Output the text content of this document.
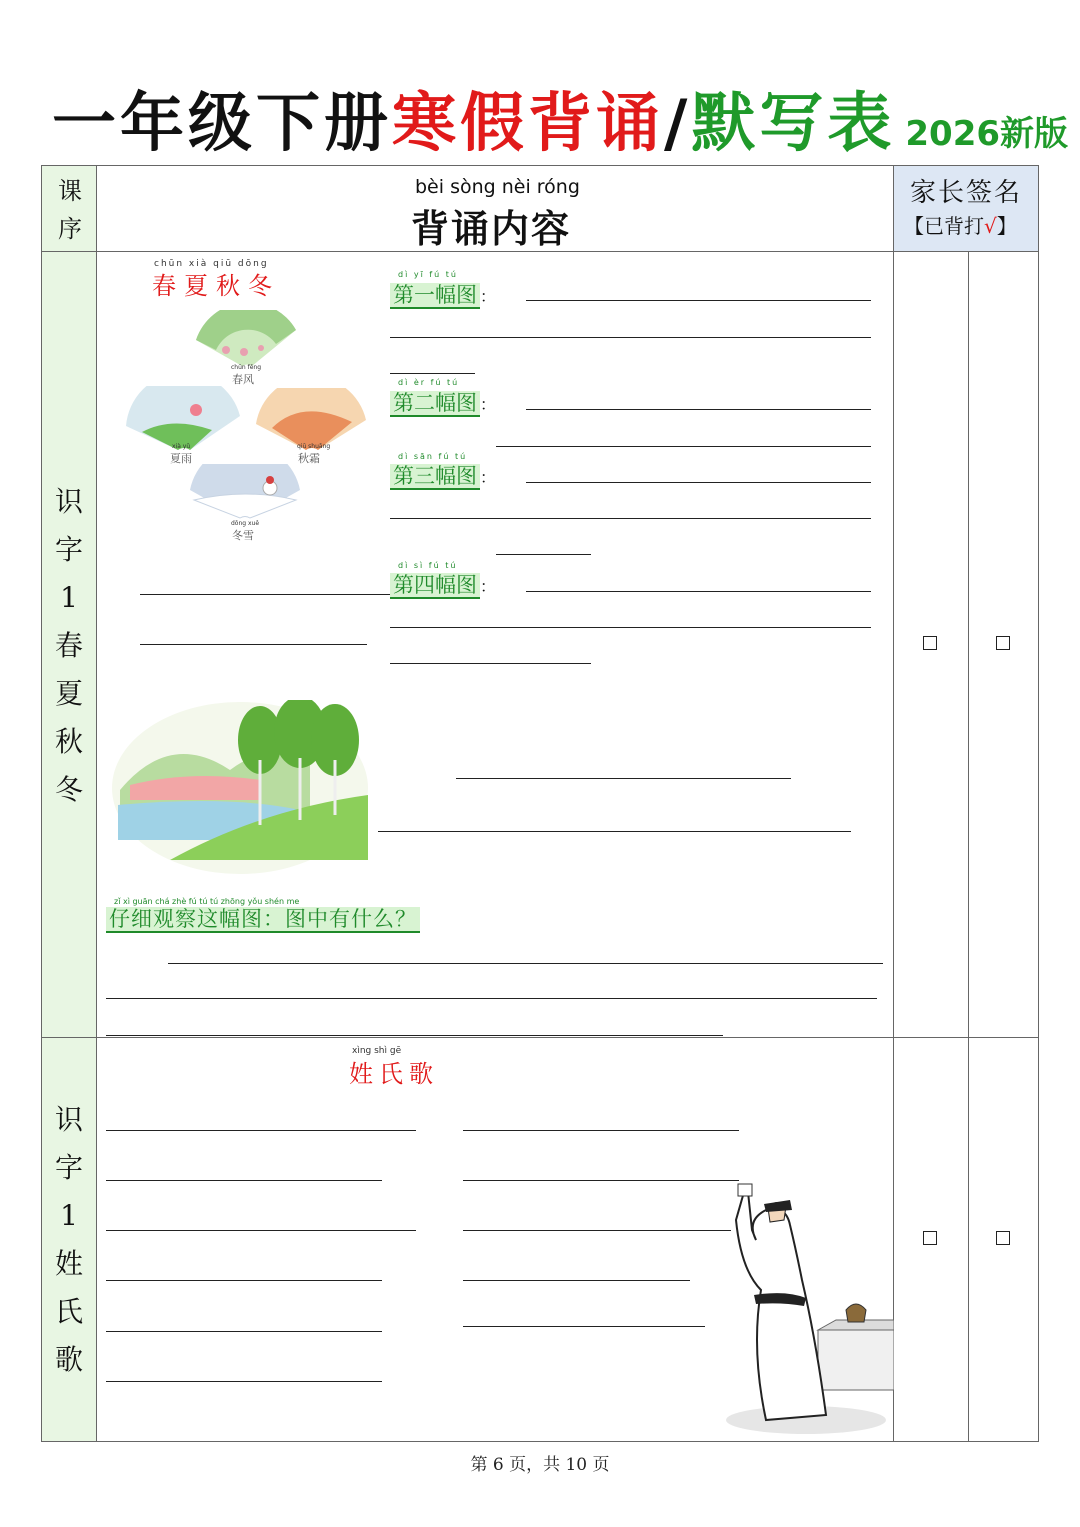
一年级下册寒假背诵/默写表 2026新版
课序
bèi sòng nèi róng
背诵内容
家长签名
【已背打√】
识字1春夏秋冬
chūn xià qiū dōng
春夏秋冬
chūn fēng
春风
xià yǔ
夏雨
qiū shuāng
秋霜
dōng xuě
冬雪
dì yī fú tú
第一幅图 ：
dì èr fú tú
第二幅图 ：
dì sān fú tú
第三幅图 ：
dì sì fú tú
第四幅图 ：
zǐ xì guān chá zhè fú tú tú zhōng yǒu shén me
仔细观察这幅图：图中有什么？
识字1姓氏歌
xìng shì gē
姓氏歌
第 6 页，共 10 页
